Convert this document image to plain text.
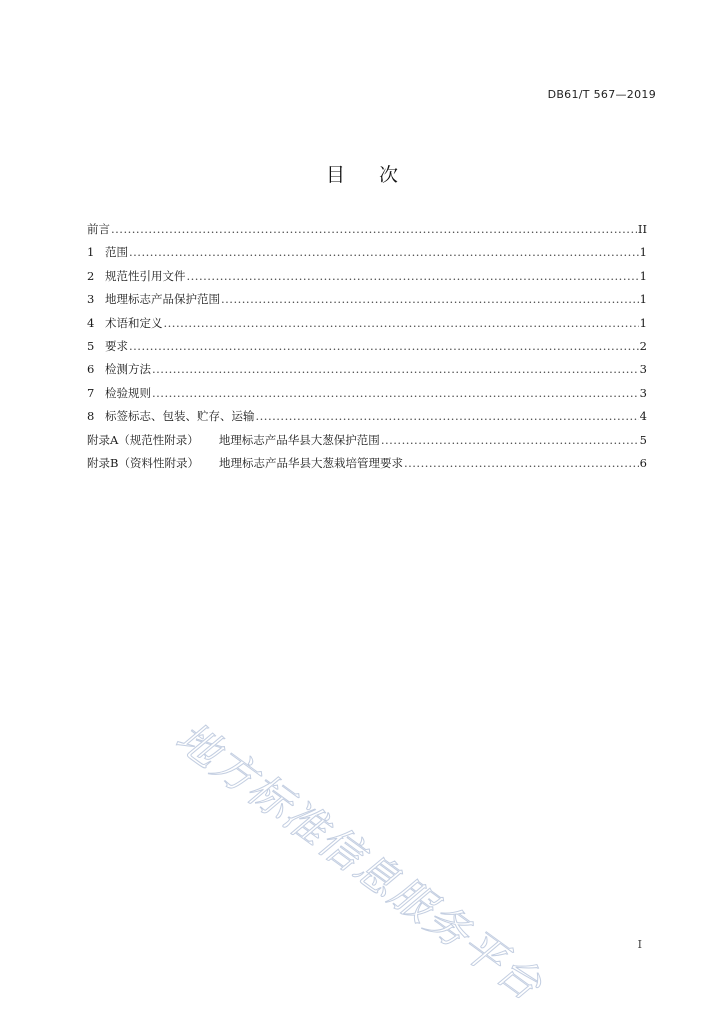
DB61/T 567—2019
目次
前言 .....	II
1 范围 .....	1
2 规范性引用文件 .....	1
3 地理标志产品保护范围 .....	1
4 术语和定义 .....	1
5 要求 .....	2
6 检测方法 .....	3
7 检验规则 .....	3
8 标签标志、包装、贮存、运输 .....	4
附录A（规范性附录） 地理标志产品华县大葱保护范围 .....	5
附录B（资料性附录） 地理标志产品华县大葱栽培管理要求 .....	6
地方标准信息服务平台	I
